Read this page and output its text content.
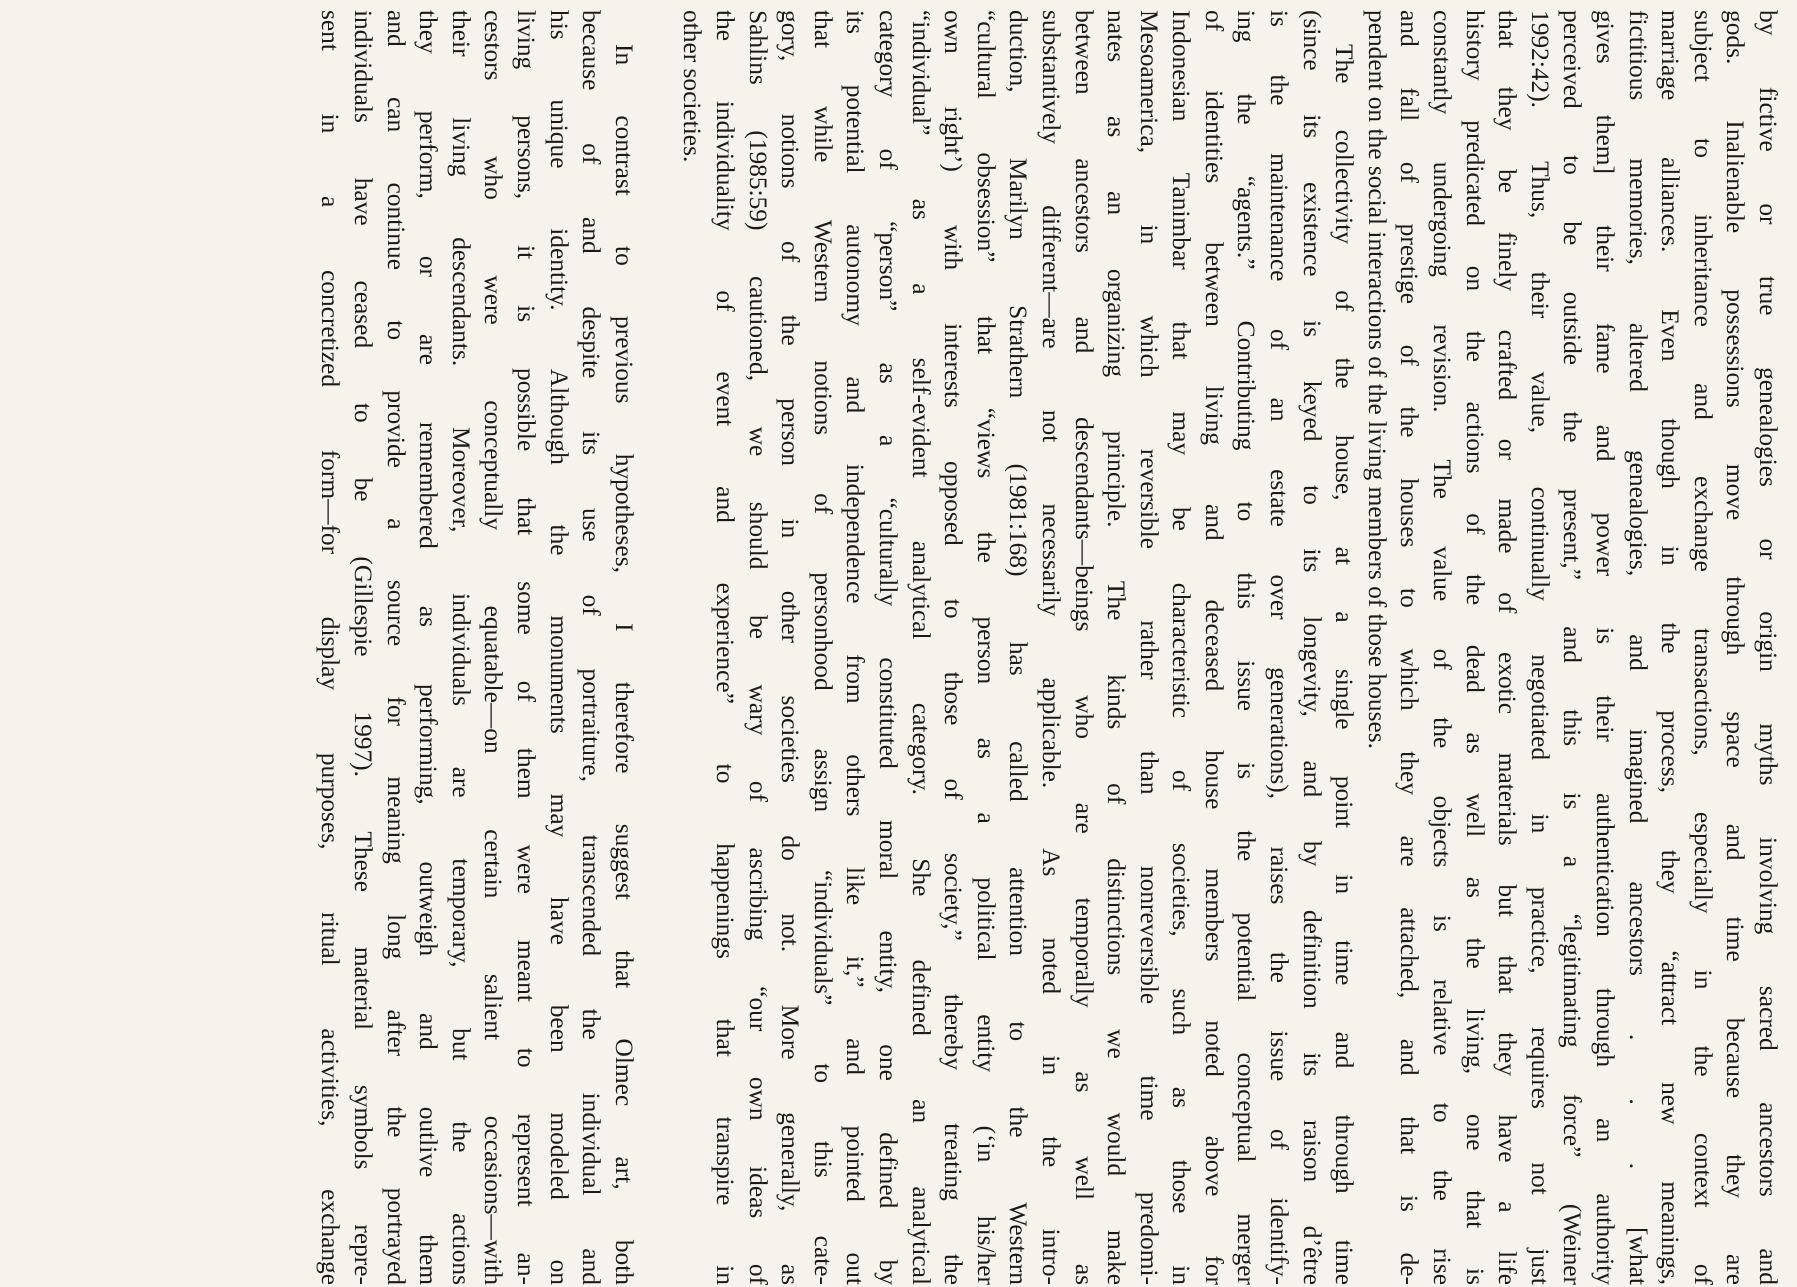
by fictive or true genealogies or origin myths involving sacred ancestors and
gods. Inalienable possessions move through space and time because they are
subject to inheritance and exchange transactions, especially in the context of
marriage alliances. Even though in the process, they “attract new meanings,
fictitious memories, altered genealogies, and imagined ancestors . . . [what
gives them] their fame and power is their authentication through an authority
perceived to be outside the present,” and this is a “legitimating force” (Weiner
1992:42). Thus, their value, continually negotiated in practice, requires not just
that they be finely crafted or made of exotic materials but that they have a life
history predicated on the actions of the dead as well as the living, one that is
constantly undergoing revision. The value of the objects is relative to the rise
and fall of prestige of the houses to which they are attached, and that is de-
pendent on the social interactions of the living members of those houses.
The collectivity of the house, at a single point in time and through time
(since its existence is keyed to its longevity, and by definition its raison d’être
is the maintenance of an estate over generations), raises the issue of identify-
ing the “agents.” Contributing to this issue is the potential conceptual merger
of identities between living and deceased house members noted above for
Indonesian Tanimbar that may be characteristic of societies, such as those in
Mesoamerica, in which reversible rather than nonreversible time predomi-
nates as an organizing principle. The kinds of distinctions we would make
between ancestors and descendants—beings who are temporally as well as
substantively different—are not necessarily applicable. As noted in the intro-
duction, Marilyn Strathern (1981:168) has called attention to the Western
“cultural obsession” that “views the person as a political entity (‘in his/her
own right’) with interests opposed to those of society,” thereby treating the
“individual” as a self-evident analytical category. She defined an analytical
category of “person” as a “culturally constituted moral entity, one defined by
its potential autonomy and independence from others like it,” and pointed out
that while Western notions of personhood assign “individuals” to this cate-
gory, notions of the person in other societies do not. More generally, as
Sahlins (1985:59) cautioned, we should be wary of ascribing “our own ideas of
the individuality of event and experience” to happenings that transpire in
other societies.
In contrast to previous hypotheses, I therefore suggest that Olmec art, both
because of and despite its use of portraiture, transcended the individual and
his unique identity. Although the monuments may have been modeled on
living persons, it is possible that some of them were meant to represent an-
cestors who were conceptually equatable—on certain salient occasions—with
their living descendants. Moreover, individuals are temporary, but the actions
they perform, or are remembered as performing, outweigh and outlive them
and can continue to provide a source for meaning long after the portrayed
individuals have ceased to be (Gillespie 1997). These material symbols repre-
sent in a concretized form—for display purposes, ritual activities, exchange
